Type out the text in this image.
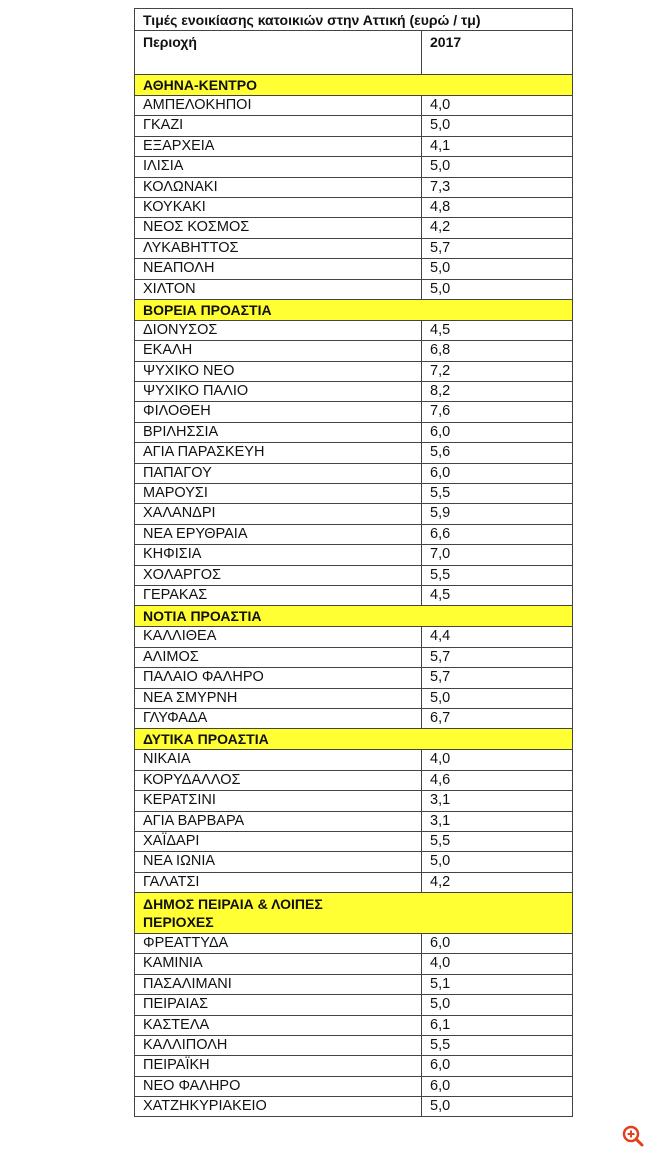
Τιμές ενοικίασης κατοικιών στην Αττική (ευρώ / τμ)
Περιοχή	2017
ΑΘΗΝΑ-ΚΕΝΤΡΟ
ΑΜΠΕΛΟΚΗΠΟΙ	4,0
ΓΚΑΖΙ	5,0
ΕΞΑΡΧΕΙΑ	4,1
ΙΛΙΣΙΑ	5,0
ΚΟΛΩΝΑΚΙ	7,3
ΚΟΥΚΑΚΙ	4,8
ΝΕΟΣ ΚΟΣΜΟΣ	4,2
ΛΥΚΑΒΗΤΤΟΣ	5,7
ΝΕΑΠΟΛΗ	5,0
ΧΙΛΤΟΝ	5,0
ΒΟΡΕΙΑ ΠΡΟΑΣΤΙΑ
ΔΙΟΝΥΣΟΣ	4,5
ΕΚΑΛΗ	6,8
ΨΥΧΙΚΟ ΝΕΟ	7,2
ΨΥΧΙΚΟ ΠΑΛΙΟ	8,2
ΦΙΛΟΘΕΗ	7,6
ΒΡΙΛΗΣΣΙΑ	6,0
ΑΓΙΑ ΠΑΡΑΣΚΕΥΗ	5,6
ΠΑΠΑΓΟΥ	6,0
ΜΑΡΟΥΣΙ	5,5
ΧΑΛΑΝΔΡΙ	5,9
ΝΕΑ ΕΡΥΘΡΑΙΑ	6,6
ΚΗΦΙΣΙΑ	7,0
ΧΟΛΑΡΓΟΣ	5,5
ΓΕΡΑΚΑΣ	4,5
ΝΟΤΙΑ ΠΡΟΑΣΤΙΑ
ΚΑΛΛΙΘΕΑ	4,4
ΑΛΙΜΟΣ	5,7
ΠΑΛΑΙΟ ΦΑΛΗΡΟ	5,7
ΝΕΑ ΣΜΥΡΝΗ	5,0
ΓΛΥΦΑΔΑ	6,7
ΔΥΤΙΚΑ ΠΡΟΑΣΤΙΑ
ΝΙΚΑΙΑ	4,0
ΚΟΡΥΔΑΛΛΟΣ	4,6
ΚΕΡΑΤΣΙΝΙ	3,1
ΑΓΙΑ ΒΑΡΒΑΡΑ	3,1
ΧΑΪΔΑΡΙ	5,5
ΝΕΑ ΙΩΝΙΑ	5,0
ΓΑΛΑΤΣΙ	4,2
ΔΗΜΟΣ ΠΕΙΡΑΙΑ & ΛΟΙΠΕΣ
ΠΕΡΙΟΧΕΣ
ΦΡΕΑΤΤΥΔΑ	6,0
ΚΑΜΙΝΙΑ	4,0
ΠΑΣΑΛΙΜΑΝΙ	5,1
ΠΕΙΡΑΙΑΣ	5,0
ΚΑΣΤΕΛΑ	6,1
ΚΑΛΛΙΠΟΛΗ	5,5
ΠΕΙΡΑΪΚΗ	6,0
ΝΕΟ ΦΑΛΗΡΟ	6,0
ΧΑΤΖΗΚΥΡΙΑΚΕΙΟ	5,0
